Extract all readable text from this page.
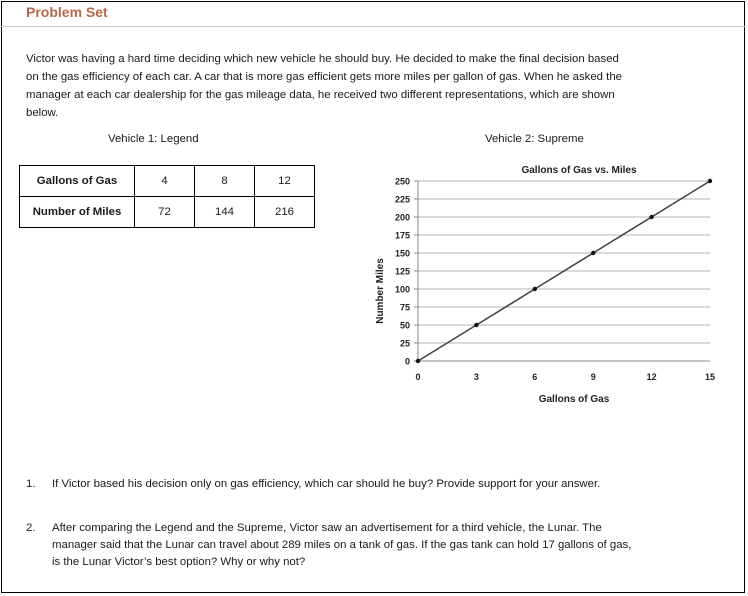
Problem Set
Victor was having a hard time deciding which new vehicle he should buy. He decided to make the final decision based
on the gas efficiency of each car. A car that is more gas efficient gets more miles per gallon of gas. When he asked the
manager at each car dealership for the gas mileage data, he received two different representations, which are shown
below.
Vehicle 1: Legend	Vehicle 2: Supreme
Gallons of Gas	4	8	12
Number of Miles	72	144	216
0
25
50
75
100
125
150
175
200
225
250
0	3	6	9	12	15
Gallons of Gas vs. Miles
Gallons of Gas
Number Miles
1. If Victor based his decision only on gas efficiency, which car should he buy? Provide support for your answer.
2. After comparing the Legend and the Supreme, Victor saw an advertisement for a third vehicle, the Lunar. The
manager said that the Lunar can travel about 289 miles on a tank of gas. If the gas tank can hold 17 gallons of gas,
is the Lunar Victor’s best option? Why or why not?
